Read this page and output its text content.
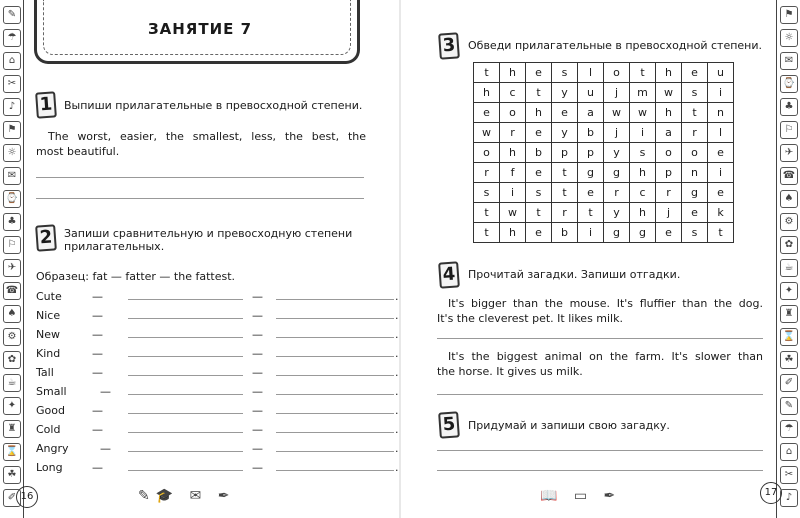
✎
☂
⌂
✂
♪
⚑
☼
✉
⌚
♣
⚐
✈
☎
♠
⚙
✿
☕
✦
♜
⌛
☘
✐
⚑
☼
✉
⌚
♣
⚐
✈
☎
♠
⚙
✿
☕
✦
♜
⌛
☘
✐
✎
☂
⌂
✂
♪
ЗАНЯТИЕ 7
1	Выпиши прилагательные в превосходной степени.
The worst, easier, the smallest, less, the best, the
most beautiful.
2	Запиши сравнительную и превосходную степени
прилагательных.
Образец: fat — fatter — the fattest.
Cute	—	—	.
Nice	—	—	.
New	—	—	.
Kind	—	—	.
Tall	—	—	.
Small	—	—	.
Good —	—	.
Cold	—	—	.
Angry	—	—	.
Long	—	—	.
16	✎🎓 ✉ ✒
3	Обведи прилагательные в превосходной степени.
t	h	e	s	l	o	t	h	e	u
h	c	t	y	u	j	m	w	s	i
e	o	h	e	a	w	w	h	t	n
w	r	e	y	b	j	i	a	r	l
o	h	b	p	p	y	s	o	o	e
r	f	e	t	g	g	h	p	n	i
s	i	s	t	e	r	c	r	g	e
t	w	t	r	t	y	h	j	e	k
t	h	e	b	i	g	g	e	s	t
4	Прочитай загадки. Запиши отгадки.
It's bigger than the mouse. It's fluffier than the dog.
It's the cleverest pet. It likes milk.
It's the biggest animal on the farm. It's slower than
the horse. It gives us milk.
5	Придумай и запиши свою загадку.
17
📖 ▭ ✒
